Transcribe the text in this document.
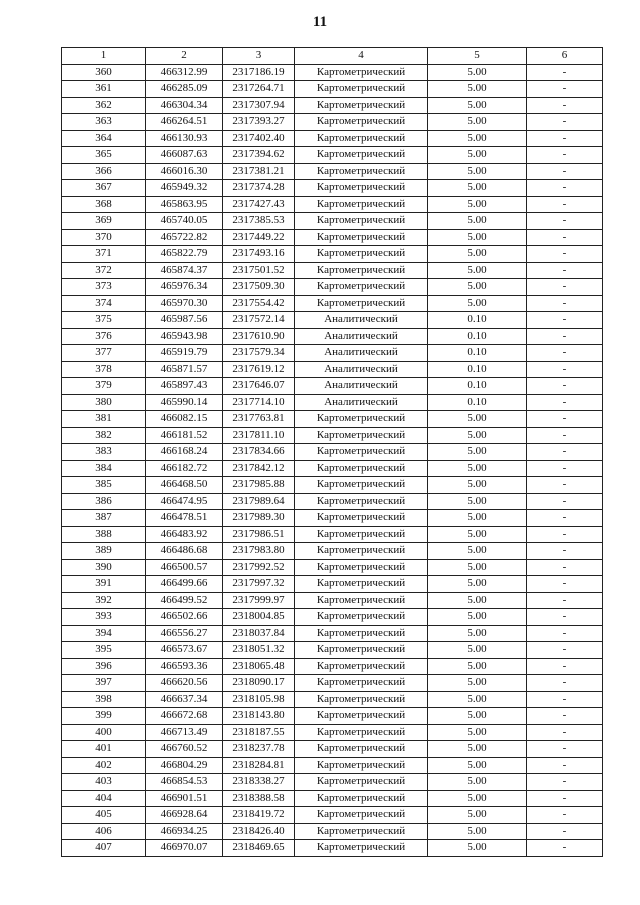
11
1	2	3	4	5	6
360	466312.99	2317186.19	Картометрический	5.00	-
361	466285.09	2317264.71	Картометрический	5.00	-
362	466304.34	2317307.94	Картометрический	5.00	-
363	466264.51	2317393.27	Картометрический	5.00	-
364	466130.93	2317402.40	Картометрический	5.00	-
365	466087.63	2317394.62	Картометрический	5.00	-
366	466016.30	2317381.21	Картометрический	5.00	-
367	465949.32	2317374.28	Картометрический	5.00	-
368	465863.95	2317427.43	Картометрический	5.00	-
369	465740.05	2317385.53	Картометрический	5.00	-
370	465722.82	2317449.22	Картометрический	5.00	-
371	465822.79	2317493.16	Картометрический	5.00	-
372	465874.37	2317501.52	Картометрический	5.00	-
373	465976.34	2317509.30	Картометрический	5.00	-
374	465970.30	2317554.42	Картометрический	5.00	-
375	465987.56	2317572.14	Аналитический	0.10	-
376	465943.98	2317610.90	Аналитический	0.10	-
377	465919.79	2317579.34	Аналитический	0.10	-
378	465871.57	2317619.12	Аналитический	0.10	-
379	465897.43	2317646.07	Аналитический	0.10	-
380	465990.14	2317714.10	Аналитический	0.10	-
381	466082.15	2317763.81	Картометрический	5.00	-
382	466181.52	2317811.10	Картометрический	5.00	-
383	466168.24	2317834.66	Картометрический	5.00	-
384	466182.72	2317842.12	Картометрический	5.00	-
385	466468.50	2317985.88	Картометрический	5.00	-
386	466474.95	2317989.64	Картометрический	5.00	-
387	466478.51	2317989.30	Картометрический	5.00	-
388	466483.92	2317986.51	Картометрический	5.00	-
389	466486.68	2317983.80	Картометрический	5.00	-
390	466500.57	2317992.52	Картометрический	5.00	-
391	466499.66	2317997.32	Картометрический	5.00	-
392	466499.52	2317999.97	Картометрический	5.00	-
393	466502.66	2318004.85	Картометрический	5.00	-
394	466556.27	2318037.84	Картометрический	5.00	-
395	466573.67	2318051.32	Картометрический	5.00	-
396	466593.36	2318065.48	Картометрический	5.00	-
397	466620.56	2318090.17	Картометрический	5.00	-
398	466637.34	2318105.98	Картометрический	5.00	-
399	466672.68	2318143.80	Картометрический	5.00	-
400	466713.49	2318187.55	Картометрический	5.00	-
401	466760.52	2318237.78	Картометрический	5.00	-
402	466804.29	2318284.81	Картометрический	5.00	-
403	466854.53	2318338.27	Картометрический	5.00	-
404	466901.51	2318388.58	Картометрический	5.00	-
405	466928.64	2318419.72	Картометрический	5.00	-
406	466934.25	2318426.40	Картометрический	5.00	-
407	466970.07	2318469.65	Картометрический	5.00	-
